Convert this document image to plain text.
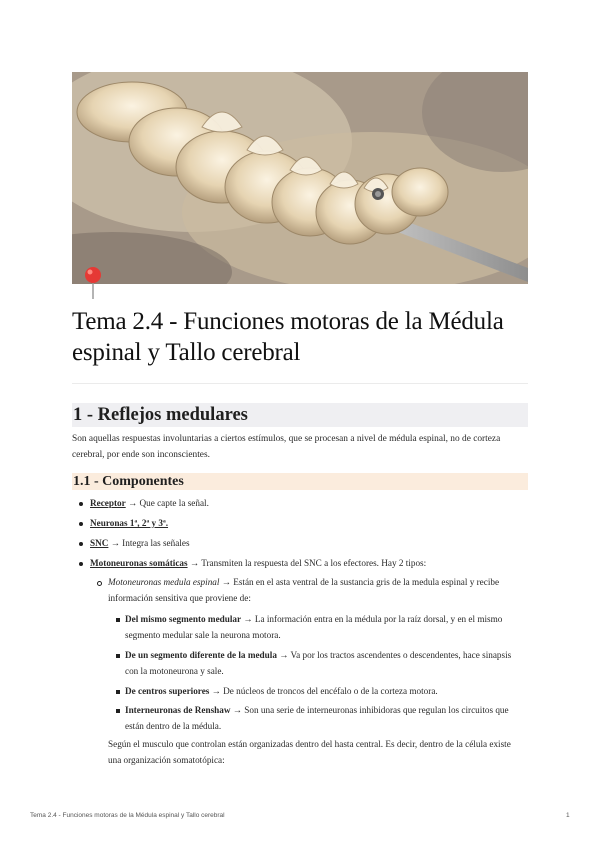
Tema 2.4 - Funciones motoras de la Médula espinal y Tallo cerebral
1 - Reflejos medulares
Son aquellas respuestas involuntarias a ciertos estímulos, que se procesan a nivel de médula espinal, no de corteza cerebral, por ende son inconscientes.
1.1 - Componentes
Receptor → Que capte la señal.
Neuronas 1ª, 2ª y 3ª.
SNC → Integra las señales
Motoneuronas somáticas → Transmiten la respuesta del SNC a los efectores. Hay 2 tipos:
Motoneuronas medula espinal → Están en el asta ventral de la sustancia gris de la medula espinal y recibe información sensitiva que proviene de:
Del mismo segmento medular → La información entra en la médula por la raíz dorsal, y en el mismo segmento medular sale la neurona motora.
De un segmento diferente de la medula → Va por los tractos ascendentes o descendentes, hace sinapsis con la motoneurona y sale.
De centros superiores → De núcleos de troncos del encéfalo o de la corteza motora.
Interneuronas de Renshaw → Son una serie de interneuronas inhibidoras que regulan los circuitos que están dentro de la médula.
Según el musculo que controlan están organizadas dentro del hasta central. Es decir, dentro de la célula existe una organización somatotópica:
Tema 2.4 - Funciones motoras de la Médula espinal y Tallo cerebral	1
